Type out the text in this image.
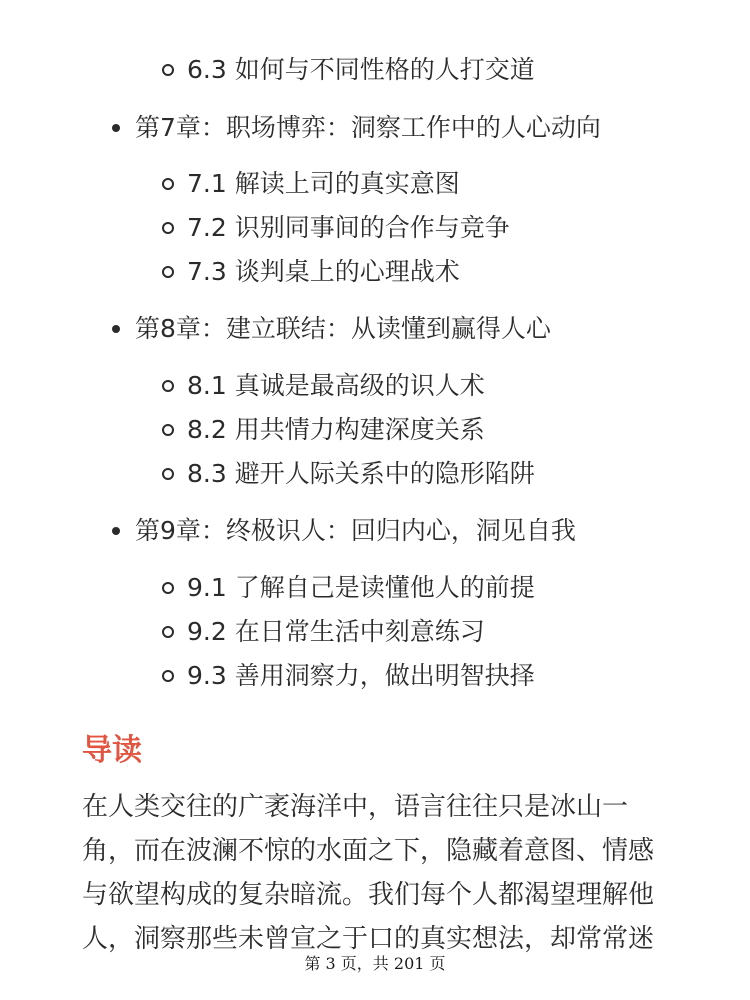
6.3 如何与不同性格的人打交道
第7章：职场博弈：洞察工作中的人心动向
7.1 解读上司的真实意图
7.2 识别同事间的合作与竞争
7.3 谈判桌上的心理战术
第8章：建立联结：从读懂到赢得人心
8.1 真诚是最高级的识人术
8.2 用共情力构建深度关系
8.3 避开人际关系中的隐形陷阱
第9章：终极识人：回归内心，洞见自我
9.1 了解自己是读懂他人的前提
9.2 在日常生活中刻意练习
9.3 善用洞察力，做出明智抉择
导读
在人类交往的广袤海洋中，语言往往只是冰山一
角，而在波澜不惊的水面之下，隐藏着意图、情感
与欲望构成的复杂暗流。我们每个人都渴望理解他
人，洞察那些未曾宣之于口的真实想法，却常常迷
第 3 页，共 201 页
